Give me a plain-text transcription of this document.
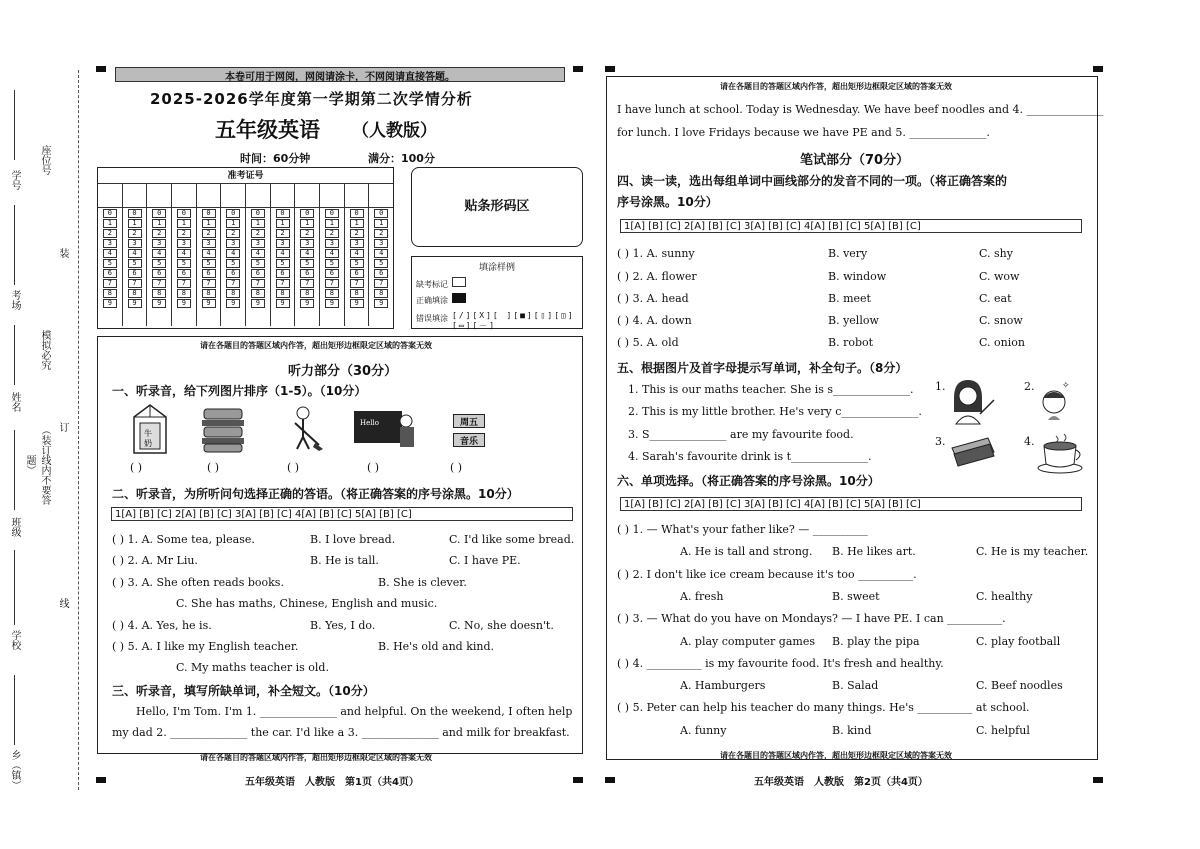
学号
考场
姓名
班级
学校
乡（镇）
座位号
模拟必究
（装订线内不要答题）
装
订
线
本卷可用于网阅，网阅请涂卡，不网阅请直接答题。
2025-2026学年度第一学期第二次学情分析
五年级英语 （人教版）
时间：60分钟	满分：100分
准考证号
0
1
2
3
4
5
6
7
8
9
0
1
2
3
4
5
6
7
8
9
0
1
2
3
4
5
6
7
8
9
0
1
2
3
4
5
6
7
8
9
0
1
2
3
4
5
6
7
8
9
0
1
2
3
4
5
6
7
8
9
0
1
2
3
4
5
6
7
8
9
0
1
2
3
4
5
6
7
8
9
0
1
2
3
4
5
6
7
8
9
0
1
2
3
4
5
6
7
8
9
0
1
2
3
4
5
6
7
8
9
0
1
2
3
4
5
6
7
8
9
贴条形码区
填涂样例
缺考标记
正确填涂
错误填涂 [/][X][ ][■][▯][◫][▭][－]
请在各题目的答题区域内作答，超出矩形边框限定区域的答案无效
听力部分（30分）
一、听录音，给下列图片排序（1-5）。（10分）
牛
奶
Hello	周五
音乐
( )	( )	( )	( )	( )
二、听录音，为所听问句选择正确的答语。（将正确答案的序号涂黑。10分）
1[A] [B] [C] 2[A] [B] [C] 3[A] [B] [C] 4[A] [B] [C] 5[A] [B] [C]
( ) 1. A. Some tea, please.	B. I love bread.	C. I'd like some bread.
( ) 2. A. Mr Liu.	B. He is tall.	C. I have PE.
( ) 3. A. She often reads books.	B. She is clever.
C. She has maths, Chinese, English and music.
( ) 4. A. Yes, he is.	B. Yes, I do.	C. No, she doesn't.
( ) 5. A. I like my English teacher.	B. He's old and kind.
C. My maths teacher is old.
三、听录音，填写所缺单词，补全短文。（10分）
Hello, I'm Tom. I'm 1. ______________ and helpful. On the weekend, I often help
my dad 2. ______________ the car. I'd like a 3. ______________ and milk for breakfast.
请在各题目的答题区域内作答，超出矩形边框限定区域的答案无效
五年级英语　人教版　第1页（共4页）
请在各题目的答题区域内作答，超出矩形边框限定区域的答案无效
I have lunch at school. Today is Wednesday. We have beef noodles and 4. ______________
for lunch. I love Fridays because we have PE and 5. ______________.
笔试部分（70分）
四、读一读，选出每组单词中画线部分的发音不同的一项。（将正确答案的
序号涂黑。10分）
1[A] [B] [C] 2[A] [B] [C] 3[A] [B] [C] 4[A] [B] [C] 5[A] [B] [C]
( ) 1. A. sunny	B. very	C. shy
( ) 2. A. flower	B. window	C. wow
( ) 3. A. head	B. meet	C. eat
( ) 4. A. down	B. yellow	C. snow
( ) 5. A. old	B. robot	C. onion
五、根据图片及首字母提示写单词，补全句子。（8分）
1. This is our maths teacher. She is s______________.
2. This is my little brother. He's very c______________.
3. S______________ are my favourite food.
4. Sarah's favourite drink is t______________.
1.	2.	✧
3.	4.
六、单项选择。（将正确答案的序号涂黑。10分）
1[A] [B] [C] 2[A] [B] [C] 3[A] [B] [C] 4[A] [B] [C] 5[A] [B] [C]
( ) 1. — What's your father like? — __________
A. He is tall and strong. B. He likes art.	C. He is my teacher.
( ) 2. I don't like ice cream because it's too __________.
A. fresh	B. sweet	C. healthy
( ) 3. — What do you have on Mondays? — I have PE. I can __________.
A. play computer games B. play the pipa	C. play football
( ) 4. __________ is my favourite food. It's fresh and healthy.
A. Hamburgers	B. Salad	C. Beef noodles
( ) 5. Peter can help his teacher do many things. He's __________ at school.
A. funny	B. kind	C. helpful
请在各题目的答题区域内作答，超出矩形边框限定区域的答案无效
五年级英语　人教版　第2页（共4页）
